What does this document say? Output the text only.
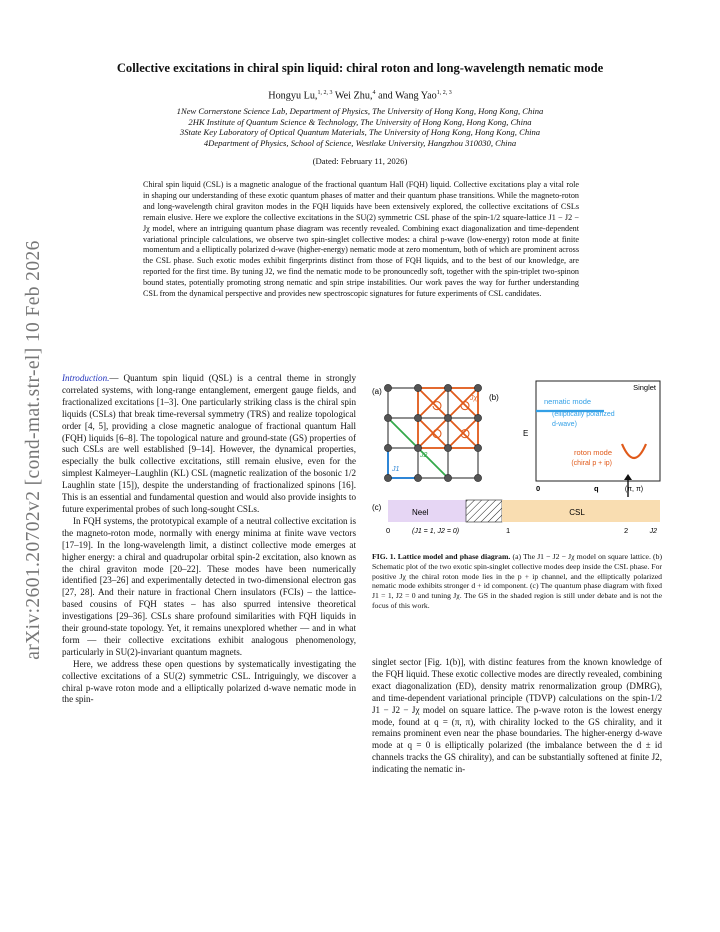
arXiv:2601.20702v2 [cond-mat.str-el] 10 Feb 2026
Collective excitations in chiral spin liquid: chiral roton and long-wavelength nematic mode
Hongyu Lu,$^{1, 2, 3}$ Wei Zhu,$^4$ and Wang Yao$^{1, 2, 3}$
1New Cornerstone Science Lab, Department of Physics, The University of Hong Kong, Hong Kong, China
2HK Institute of Quantum Science & Technology, The University of Hong Kong, Hong Kong, China
3State Key Laboratory of Optical Quantum Materials, The University of Hong Kong, Hong Kong, China
4Department of Physics, School of Science, Westlake University, Hangzhou 310030, China
(Dated: February 11, 2026)
Chiral spin liquid (CSL) is a magnetic analogue of the fractional quantum Hall (FQH) liquid. Collective excitations play a vital role in shaping our understanding of these exotic quantum phases of matter and their quantum phase transitions. While the magneto-roton and long-wavelength chiral graviton modes in the FQH liquids have been extensively explored, the collective excitations of CSLs remain elusive. Here we explore the collective excitations in the SU(2) symmetric CSL phase of the spin-1/2 square-lattice J1 − J2 − Jχ model, where an intriguing quantum phase diagram was recently revealed. Combining exact diagonalization and time-dependent variational principle calculations, we observe two spin-singlet collective modes: a chiral p-wave (low-energy) roton mode at finite momentum and a elliptically polarized d-wave (higher-energy) nematic mode at zero momentum, both of which are prominent across the CSL phase. Such exotic modes exhibit fingerprints distinct from those of FQH liquids, and to the best of our knowledge, are reported for the first time. By tuning J2, we find the nematic mode to be pronouncedly soft, together with the spin-triplet two-spinon bound states, potentially promoting strong nematic and spin stripe instabilities. Our work paves the way for further understanding CSL from the dynamical perspective and provides new spectroscopic signatures for future experiments of CSL candidates.

Introduction.— Quantum spin liquid (QSL) is a central theme in strongly correlated systems, with long-range entanglement, emergent gauge fields, and fractionalized excitations [1–3]. One particularly striking class is the chiral spin liquids (CSLs) that break time-reversal symmetry (TRS) and realize topological order [4, 5], providing a close magnetic analogue of fractional quantum Hall (FQH) liquids [6–8]. The topological nature and ground-state (GS) properties of such CSLs are well established [9–14]. However, the dynamical properties, especially the bulk collective excitations, still remain elusive, even for the simplest Kalmeyer–Laughlin (KL) CSL (magnetic realization of the bosonic 1/2 Laughlin state [15]), despite the understanding of fractionalized spinons [16]. This is an essential and fundamental question and would also provide insights to future experimental probes of such long-sought CSLs.

In FQH systems, the prototypical example of a neutral collective excitation is the magneto-roton mode, normally with energy minima at finite wave vectors [17–19]. In the long-wavelength limit, a distinct collective mode emerges at higher energy: a chiral and quadrupolar orbital spin-2 excitation, also known as the chiral graviton mode [20–22]. These modes have been numerically identified [23–26] and experimentally detected in two-dimensional electron gas [27, 28]. And their nature in fractional Chern insulators (FCIs) – the lattice-based cousins of FQH states – has also spurred intensive theoretical investigations [29–36]. CSLs share profound similarities with FQH liquids in their ground-state topology. Yet, it remains unexplored whether — and in what form — their collective excitations exhibit analogous phenomenology, particularly in SU(2)-invariant quantum magnets.

Here, we address these open questions by systematically investigating the collective excitations of a SU(2) symmetric CSL. Intriguingly, we discover a chiral p-wave roton mode and a elliptically polarized d-wave nematic mode in the spin-

(a)
J1
J2
Jχ (b)
Singlet
nematic mode
(elliptically polarized
d-wave)
E
roton mode
(chiral p + ip)
0	q	(π, π)
(c)
Neel	CSL
0	1	2
(J1 = 1, J2 = 0)	J2
FIG. 1. Lattice model and phase diagram. (a) The J1 − J2 − Jχ model on square lattice. (b) Schematic plot of the two exotic spin-singlet collective modes deep inside the CSL phase. For positive Jχ the chiral roton mode lies in the p + ip channel, and the elliptically polarized nematic mode exhibits stronger d + id component. (c) The quantum phase diagram with fixed J1 = 1, J2 = 0 and tuning Jχ. The GS in the shaded region is still under debate and is not the focus of this work.

singlet sector [Fig. 1(b)], with distinc features from the known knowledge of the FQH liquid. These exotic collective modes are directly revealed, combining exact diagonalization (ED), density matrix renormalization group (DMRG), and time-dependent variational principle (TDVP) calculations on the spin-1/2 J1 − J2 − Jχ model on square lattice. The p-wave roton is the lowest energy mode, found at q = (π, π), with chirality locked to the GS chirality, and it remains prominent even near the phase boundaries. The higher-energy d-wave mode at q = 0 is elliptically polarized (the imbalance between the d ± id channels tracks the GS chirality), and can be substantially softened at finite J2, indicating the nematic in-
